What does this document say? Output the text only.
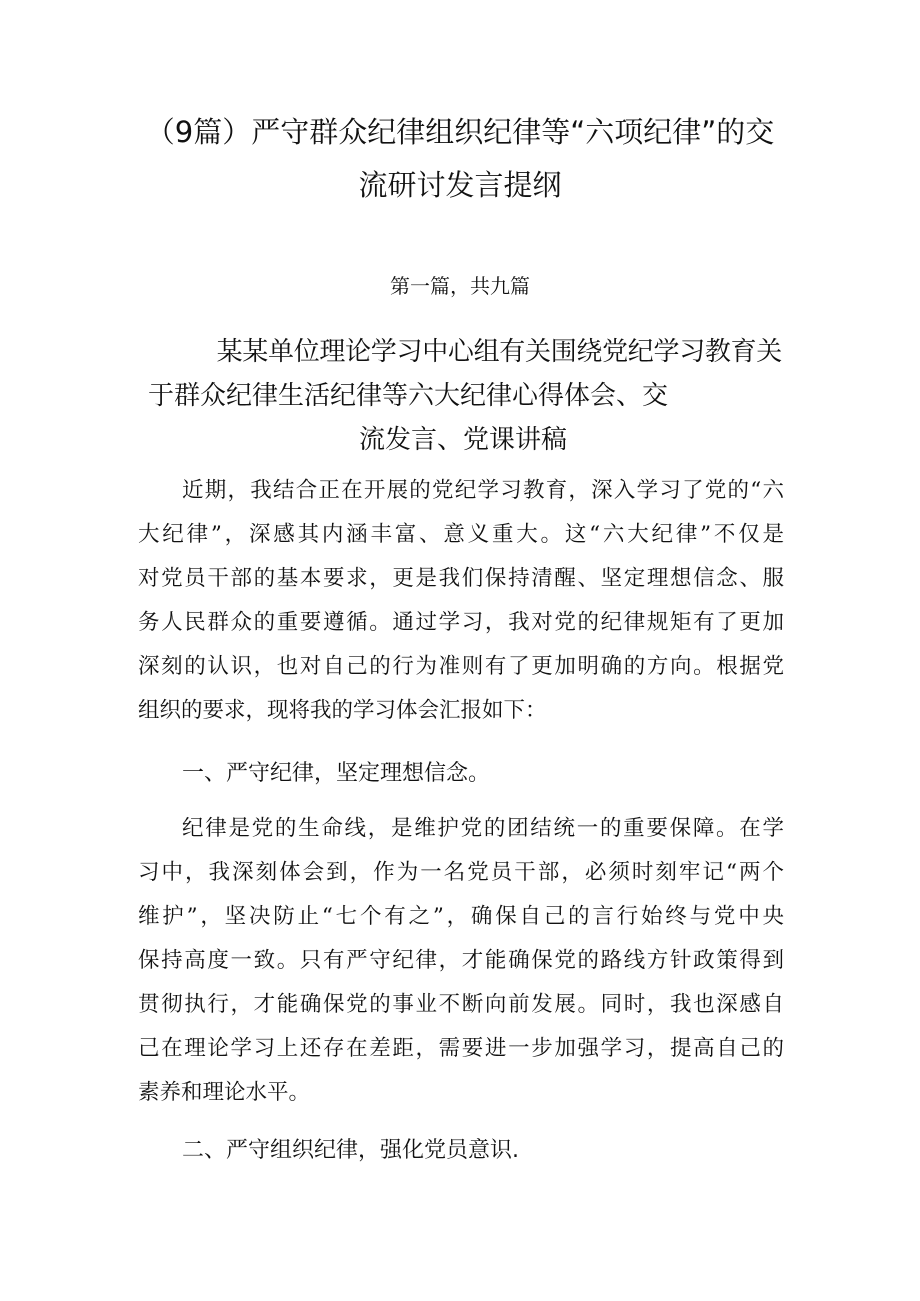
（9篇）严守群众纪律组织纪律等“六项纪律”的交
流研讨发言提纲
第一篇，共九篇
某某单位理论学习中心组有关围绕党纪学习教育关
于群众纪律生活纪律等六大纪律心得体会、交
流发言、党课讲稿
近期，我结合正在开展的党纪学习教育，深入学习了党的“六
大纪律”，深感其内涵丰富、意义重大。这“六大纪律”不仅是
对党员干部的基本要求，更是我们保持清醒、坚定理想信念、服
务人民群众的重要遵循。通过学习，我对党的纪律规矩有了更加
深刻的认识，也对自己的行为准则有了更加明确的方向。根据党
组织的要求，现将我的学习体会汇报如下：
一、严守纪律，坚定理想信念。
纪律是党的生命线，是维护党的团结统一的重要保障。在学
习中，我深刻体会到，作为一名党员干部，必须时刻牢记“两个
维护”，坚决防止“七个有之”，确保自己的言行始终与党中央
保持高度一致。只有严守纪律，才能确保党的路线方针政策得到
贯彻执行，才能确保党的事业不断向前发展。同时，我也深感自
己在理论学习上还存在差距，需要进一步加强学习，提高自己的
素养和理论水平。
二、严守组织纪律，强化党员意识.
